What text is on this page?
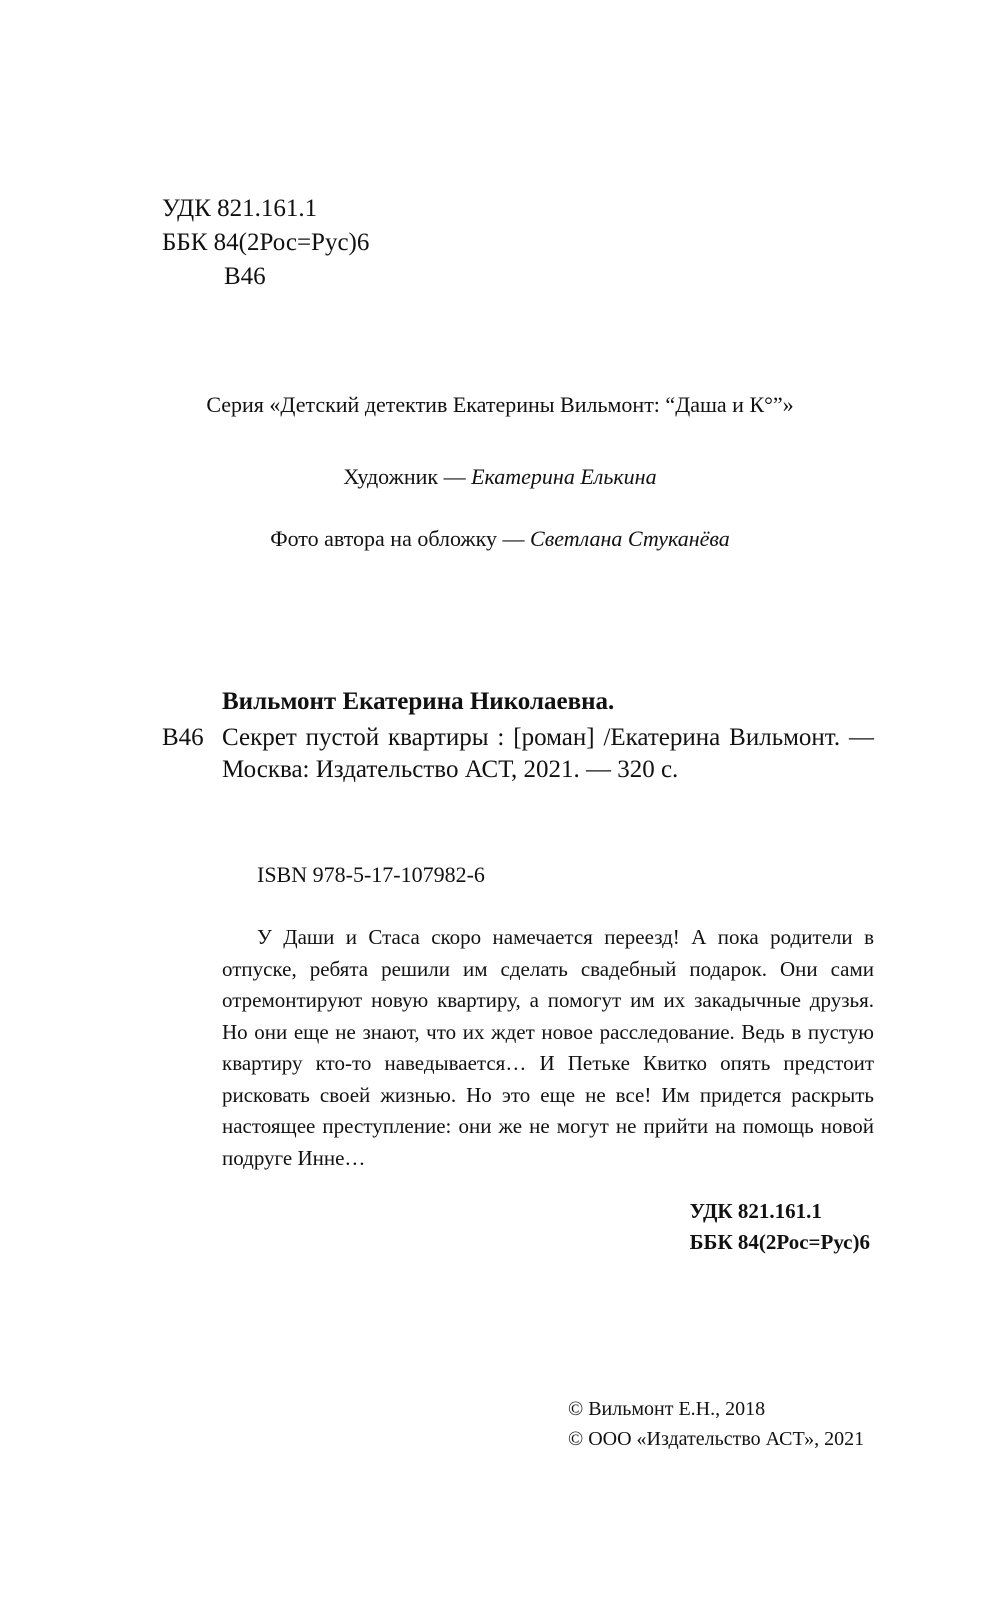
УДК 821.161.1
ББК 84(2Рос=Рус)6
В46
Серия «Детский детектив Екатерины Вильмонт: “Даша и К°”»
Художник — Екатерина Елькина
Фото автора на обложку — Светлана Стуканёва
Вильмонт Екатерина Николаевна.
В46 Секрет пустой квартиры : [роман] /Екатерина Вильмонт. — Москва: Издательство АСТ, 2021. — 320 с.
ISBN 978-5-17-107982-6

У Даши и Стаса скоро намечается переезд! А пока родители в отпуске, ребята решили им сделать свадебный подарок. Они сами отремонтируют новую квартиру, а помогут им их закадычные друзья. Но они еще не знают, что их ждет новое расследование. Ведь в пустую квартиру кто-то наведывается… И Петьке Квитко опять предстоит рисковать своей жизнью. Но это еще не все! Им придется раскрыть настоящее преступление: они же не могут не прийти на помощь новой подруге Инне…

УДК 821.161.1
ББК 84(2Рос=Рус)6
© Вильмонт Е.Н., 2018
© ООО «Издательство АСТ», 2021
